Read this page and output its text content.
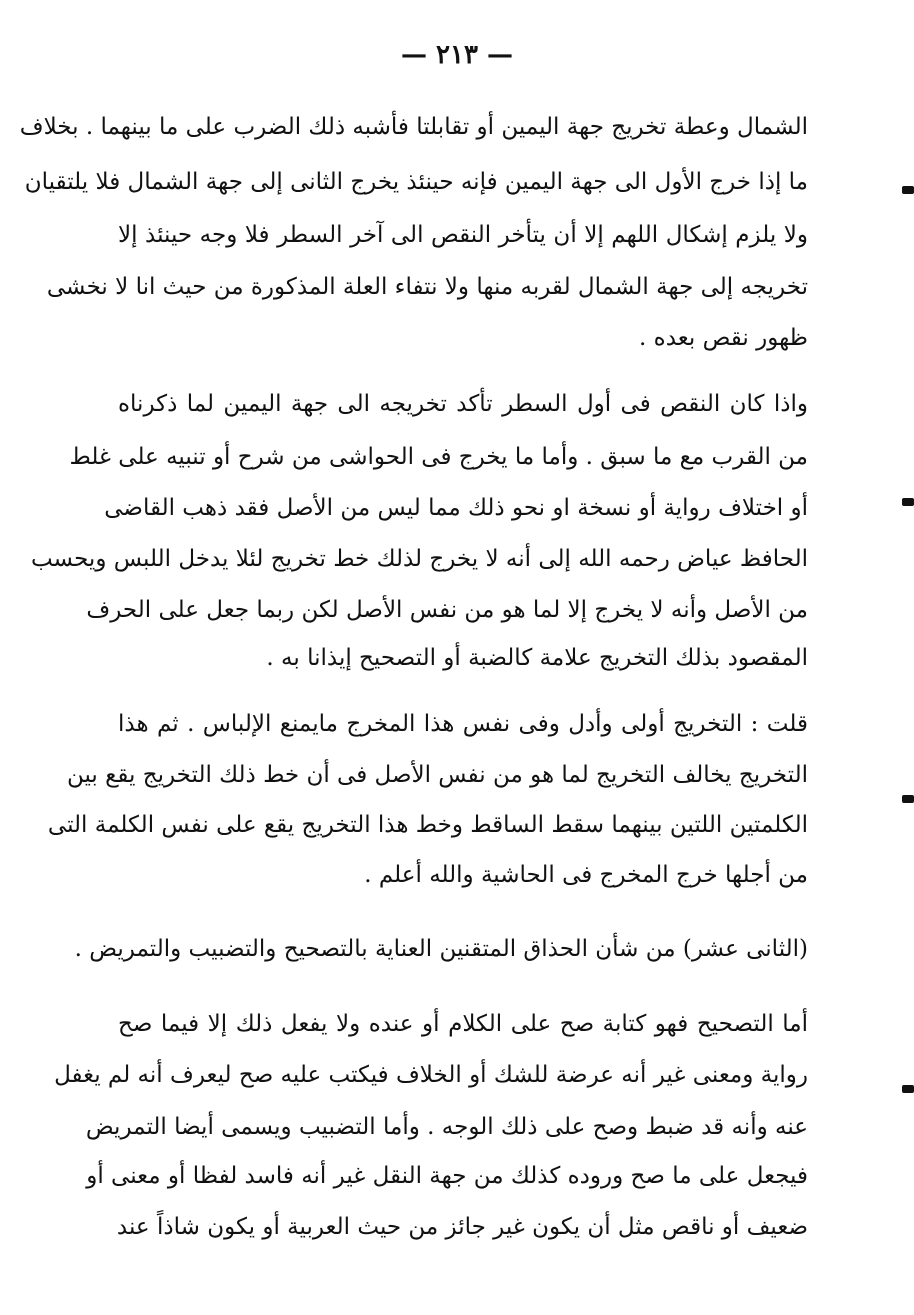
— ٢١٣ —
الشمال وعطة تخريج جهة اليمين أو تقابلتا فأشبه ذلك الضرب على ما بينهما . بخلاف
ما إذا خرج الأول الى جهة اليمين فإنه حينئذ يخرج الثانى إلى جهة الشمال فلا يلتقيان
ولا يلزم إشكال اللهم إلا أن يتأخر النقص الى آخر السطر فلا وجه حينئذ إلا
تخريجه إلى جهة الشمال لقربه منها ولا نتفاء العلة المذكورة من حيث انا لا نخشى
ظهور نقص بعده .
واذا كان النقص فى أول السطر تأكد تخريجه الى جهة اليمين لما ذكرناه
من القرب مع ما سبق . وأما ما يخرج فى الحواشى من شرح أو تنبيه على غلط
أو اختلاف رواية أو نسخة او نحو ذلك مما ليس من الأصل فقد ذهب القاضى
الحافظ عياض رحمه الله إلى أنه لا يخرج لذلك خط تخريج لئلا يدخل اللبس ويحسب
من الأصل وأنه لا يخرج إلا لما هو من نفس الأصل لكن ربما جعل على الحرف
المقصود بذلك التخريج علامة كالضبة أو التصحيح إيذانا به .
قلت : التخريج أولى وأدل وفى نفس هذا المخرج مايمنع الإلباس . ثم هذا
التخريج يخالف التخريج لما هو من نفس الأصل فى أن خط ذلك التخريج يقع بين
الكلمتين اللتين بينهما سقط الساقط وخط هذا التخريج يقع على نفس الكلمة التى
من أجلها خرج المخرج فى الحاشية والله أعلم .
(الثانى عشر) من شأن الحذاق المتقنين العناية بالتصحيح والتضبيب والتمريض .
أما التصحيح فهو كتابة صح على الكلام أو عنده ولا يفعل ذلك إلا فيما صح
رواية ومعنى غير أنه عرضة للشك أو الخلاف فيكتب عليه صح ليعرف أنه لم يغفل
عنه وأنه قد ضبط وصح على ذلك الوجه . وأما التضبيب ويسمى أيضا التمريض
فيجعل على ما صح وروده كذلك من جهة النقل غير أنه فاسد لفظا أو معنى أو
ضعيف أو ناقص مثل أن يكون غير جائز من حيث العربية أو يكون شاذاً عند
